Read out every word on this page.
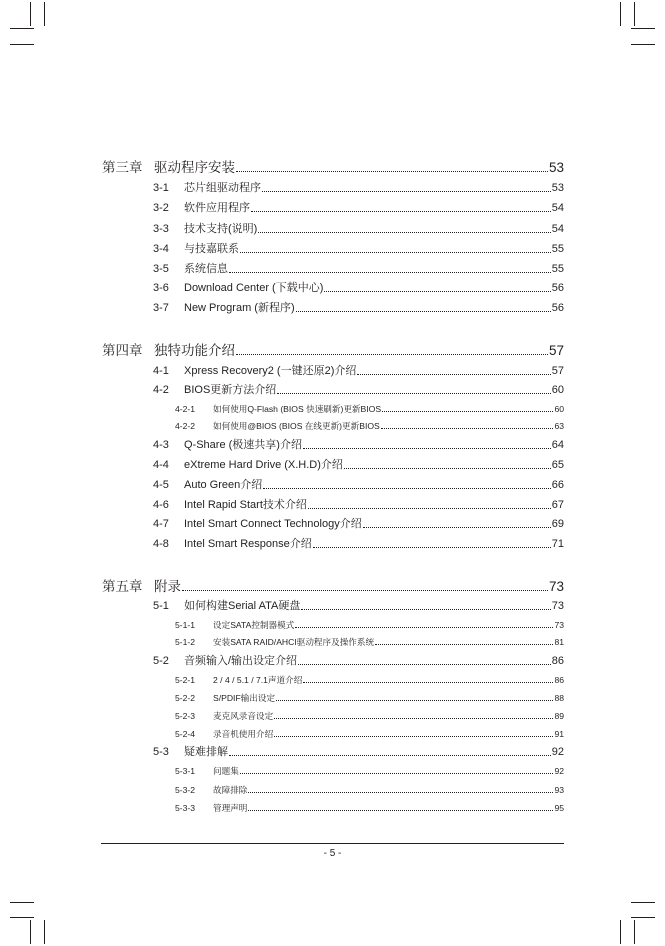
第三章 驱动程序安装	53
3-1	芯片组驱动程序	53
3-2	软件应用程序	54
3-3	技术支持(说明)	54
3-4	与技嘉联系	55
3-5	系统信息	55
3-6	Download Center (下载中心)	56
3-7	New Program (新程序)	56
第四章 独特功能介绍	57
4-1	Xpress Recovery2 (一键还原2)介绍	57
4-2	BIOS更新方法介绍	60
4-2-1	如何使用Q-Flash (BIOS 快速刷新)更新BIOS	60
4-2-2	如何使用@BIOS (BIOS 在线更新)更新BIOS	63
4-3	Q-Share (极速共享)介绍	64
4-4	eXtreme Hard Drive (X.H.D)介绍	65
4-5	Auto Green介绍	66
4-6	Intel Rapid Start技术介绍	67
4-7	Intel Smart Connect Technology介绍	69
4-8	Intel Smart Response介绍	71
第五章 附录	73
5-1	如何构建Serial ATA硬盘	73
5-1-1	设定SATA控制器模式	73
5-1-2	安装SATA RAID/AHCI驱动程序及操作系统	81
5-2	音频输入/输出设定介绍	86
5-2-1	2 / 4 / 5.1 / 7.1声道介绍	86
5-2-2	S/PDIF输出设定	88
5-2-3	麦克风录音设定	89
5-2-4	录音机使用介绍	91
5-3	疑难排解	92
5-3-1	问题集	92
5-3-2	故障排除	93
5-3-3	管理声明	95
- 5 -
